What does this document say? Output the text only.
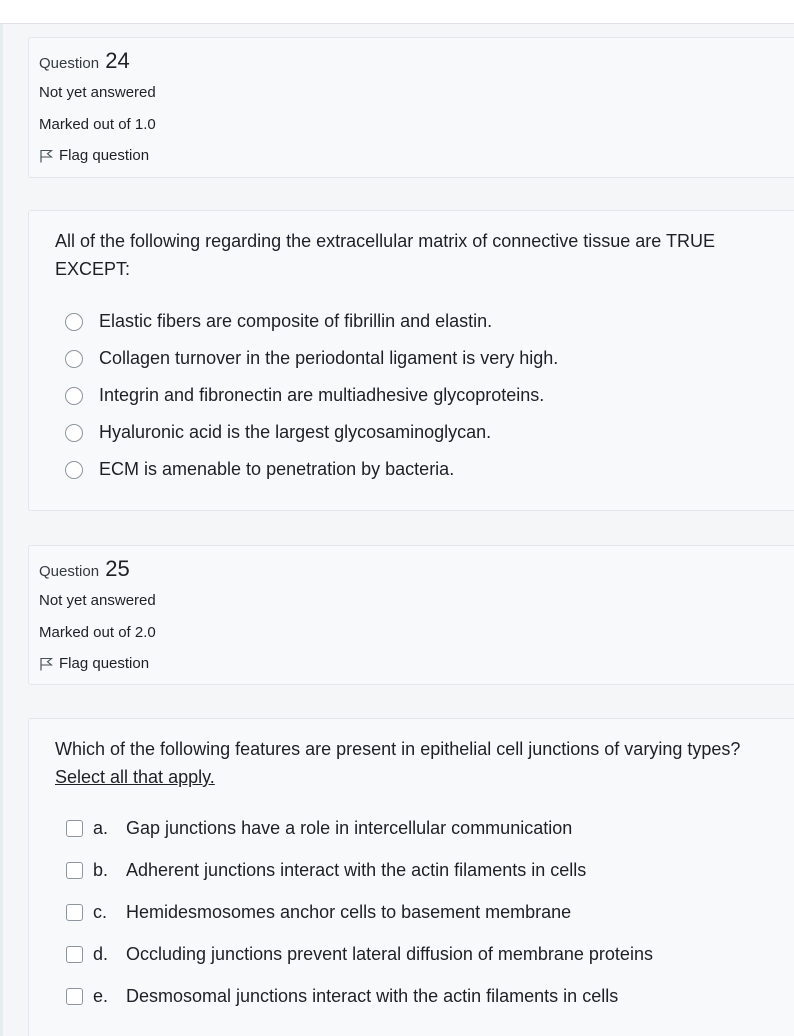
Question 24
Not yet answered
Marked out of 1.0
Flag question
All of the following regarding the extracellular matrix of connective tissue are TRUE EXCEPT:
Elastic fibers are composite of fibrillin and elastin.
Collagen turnover in the periodontal ligament is very high.
Integrin and fibronectin are multiadhesive glycoproteins.
Hyaluronic acid is the largest glycosaminoglycan.
ECM is amenable to penetration by bacteria.
Question 25
Not yet answered
Marked out of 2.0
Flag question
Which of the following features are present in epithelial cell junctions of varying types? Select all that apply.
a. Gap junctions have a role in intercellular communication
b. Adherent junctions interact with the actin filaments in cells
c.	Hemidesmosomes anchor cells to basement membrane
d. Occluding junctions prevent lateral diffusion of membrane proteins
e. Desmosomal junctions interact with the actin filaments in cells
